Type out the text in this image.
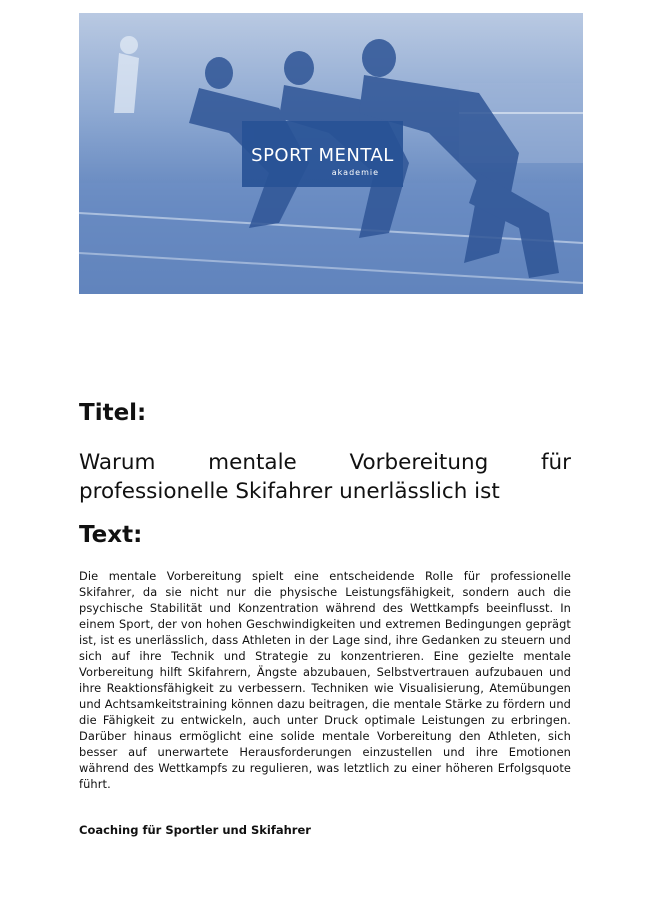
SPORT MENTAL
akademie
Titel:

Warum mentale Vorbereitung für professionelle Skifahrer unerlässlich ist

Text:

Die mentale Vorbereitung spielt eine entscheidende Rolle für professionelle Skifahrer, da sie nicht nur die physische Leistungsfähigkeit, sondern auch die psychische Stabilität und Konzentration während des Wettkampfs beeinflusst. In einem Sport, der von hohen Geschwindigkeiten und extremen Bedingungen geprägt ist, ist es unerlässlich, dass Athleten in der Lage sind, ihre Gedanken zu steuern und sich auf ihre Technik und Strategie zu konzentrieren. Eine gezielte mentale Vorbereitung hilft Skifahrern, Ängste abzubauen, Selbstvertrauen aufzubauen und ihre Reaktionsfähigkeit zu verbessern. Techniken wie Visualisierung, Atemübungen und Achtsamkeitstraining können dazu beitragen, die mentale Stärke zu fördern und die Fähigkeit zu entwickeln, auch unter Druck optimale Leistungen zu erbringen. Darüber hinaus ermöglicht eine solide mentale Vorbereitung den Athleten, sich besser auf unerwartete Herausforderungen einzustellen und ihre Emotionen während des Wettkampfs zu regulieren, was letztlich zu einer höheren Erfolgsquote führt.

Coaching für Sportler und Skifahrer
